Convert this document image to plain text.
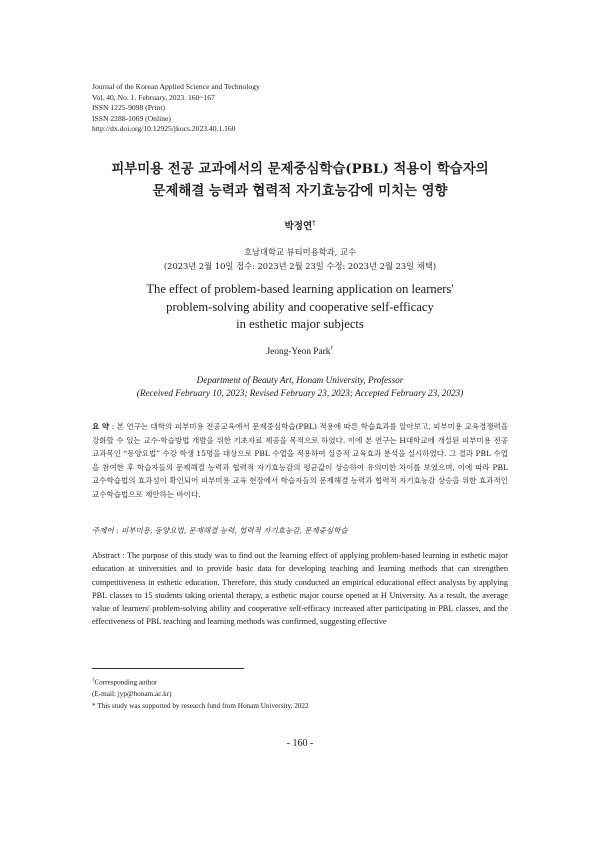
Journal of the Korean Applied Science and Technology
Vol. 40, No. 1. February, 2023. 160~167
ISSN 1225-9098 (Print)
ISSN 2288-1069 (Online)
http://dx.doi.org/10.12925/jkocs.2023.40.1.160
피부미용 전공 교과에서의 문제중심학습(PBL) 적용이 학습자의
문제해결 능력과 협력적 자기효능감에 미치는 영향
박정연†
호남대학교 뷰티미용학과, 교수
(2023년 2월 10일 접수: 2023년 2월 23일 수정: 2023년 2월 23일 채택)
The effect of problem-based learning application on learners'
problem-solving ability and cooperative self-efficacy
in esthetic major subjects
Jeong-Yeon Park†
Department of Beauty Art, Honam University, Professor
(Received February 10, 2023; Revised February 23, 2023; Accepted February 23, 2023)
요 약 : 본 연구는 대학의 피부미용 전공교육에서 문제중심학습(PBL) 적용에 따른 학습효과를 알아보고, 피부미용 교육경쟁력을 강화할 수 있는 교수-학습방법 개발을 위한 기초자료 제공을 목적으로 하였다. 이에 본 연구는 H대학교에 개설된 피부미용 전공 교과목인 “동양요법” 수강 학생 15명을 대상으로 PBL 수업을 적용하여 실증적 교육효과 분석을 실시하였다. 그 결과 PBL 수업을 참여한 후 학습자들의 문제해결 능력과 협력적 자기효능감의 평균값이 상승하여 유의미한 차이를 보였으며, 이에 따라 PBL 교수학습법의 효과성이 확인되어 피부미용 교육 현장에서 학습자들의 문제해결 능력과 협력적 자기효능감 상승을 위한 효과적인 교수학습법으로 제안하는 바이다.
주제어 : 피부미용, 동양요법, 문제해결 능력, 협력적 자기효능감, 문제중심학습
Abstract : The purpose of this study was to find out the learning effect of applying problem-based learning in esthetic major education at universities and to provide basic data for developing teaching and learning methods that can strengthen competitiveness in esthetic education. Therefore, this study conducted an empirical educational effect analysis by applying PBL classes to 15 students taking oriental therapy, a esthetic major course opened at H University. As a result, the average value of learners' problem-solving ability and cooperative self-efficacy increased after participating in PBL classes, and the effectiveness of PBL teaching and learning methods was confirmed, suggesting effective
†Corresponding author
(E-mail: jyp@honam.ac.kr)
* This study was supported by research fund from Honam University, 2022
- 160 -
